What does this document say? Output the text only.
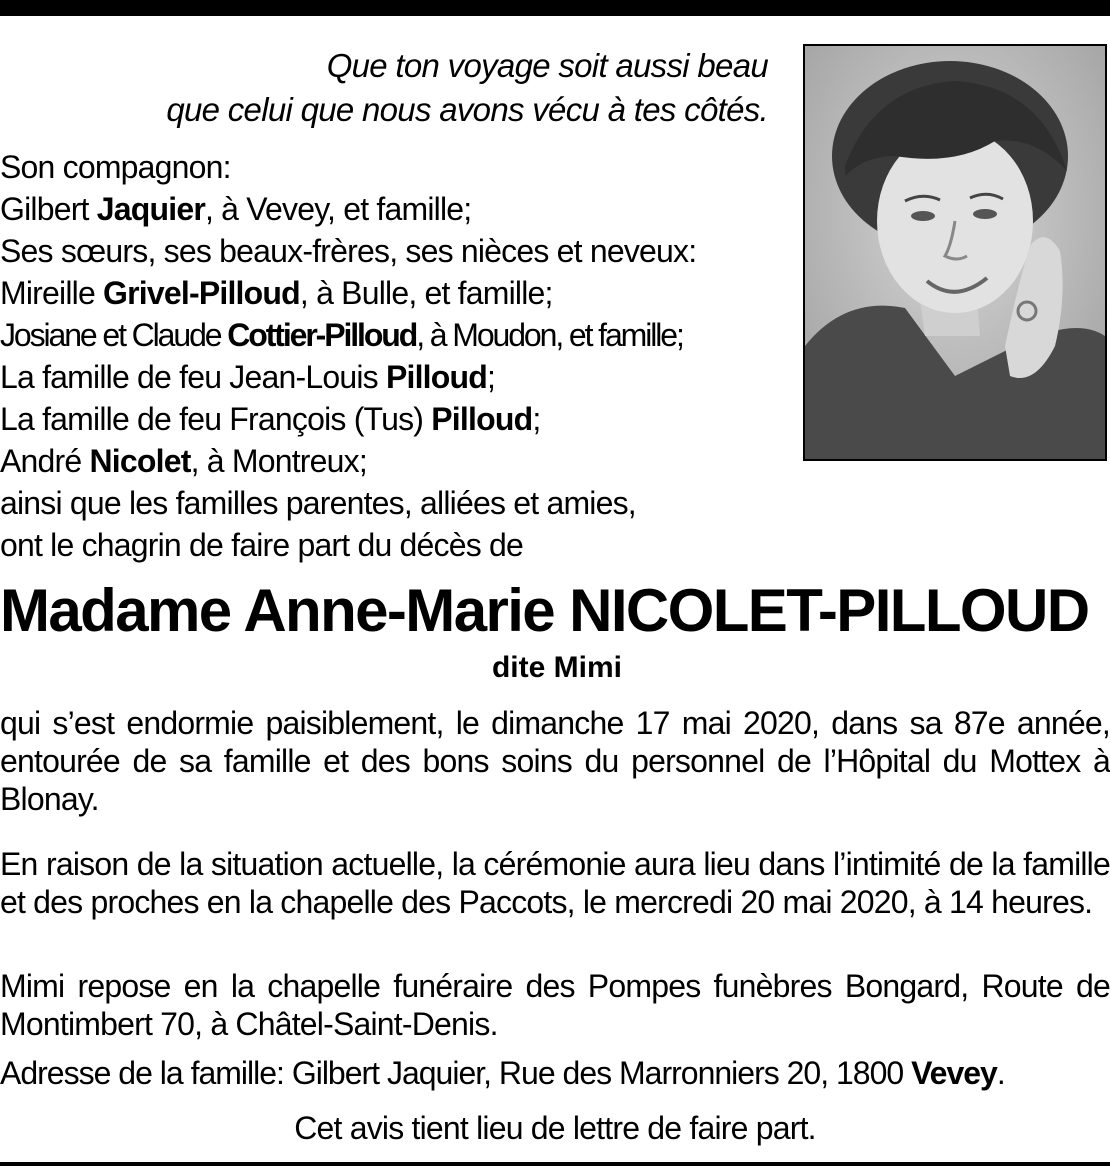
Que ton voyage soit aussi beau
que celui que nous avons vécu à tes côtés.
Son compagnon:
Gilbert Jaquier, à Vevey, et famille;
Ses sœurs, ses beaux-frères, ses nièces et neveux:
Mireille Grivel-Pilloud, à Bulle, et famille;
Josiane et Claude Cottier-Pilloud, à Moudon, et famille;
La famille de feu Jean-Louis Pilloud;
La famille de feu François (Tus) Pilloud;
André Nicolet, à Montreux;
ainsi que les familles parentes, alliées et amies,
ont le chagrin de faire part du décès de
Madame Anne-Marie NICOLET-PILLOUD
dite Mimi
qui s’est endormie paisiblement, le dimanche 17 mai 2020, dans sa 87e année, entourée de sa famille et des bons soins du personnel de l’Hôpital du Mottex à Blonay.
En raison de la situation actuelle, la cérémonie aura lieu dans l’intimité de la famille et des proches en la chapelle des Paccots, le mercredi 20 mai 2020, à 14 heures.
Mimi repose en la chapelle funéraire des Pompes funèbres Bongard, Route de Montimbert 70, à Châtel-Saint-Denis.
Adresse de la famille: Gilbert Jaquier, Rue des Marronniers 20, 1800 Vevey.
Cet avis tient lieu de lettre de faire part.
